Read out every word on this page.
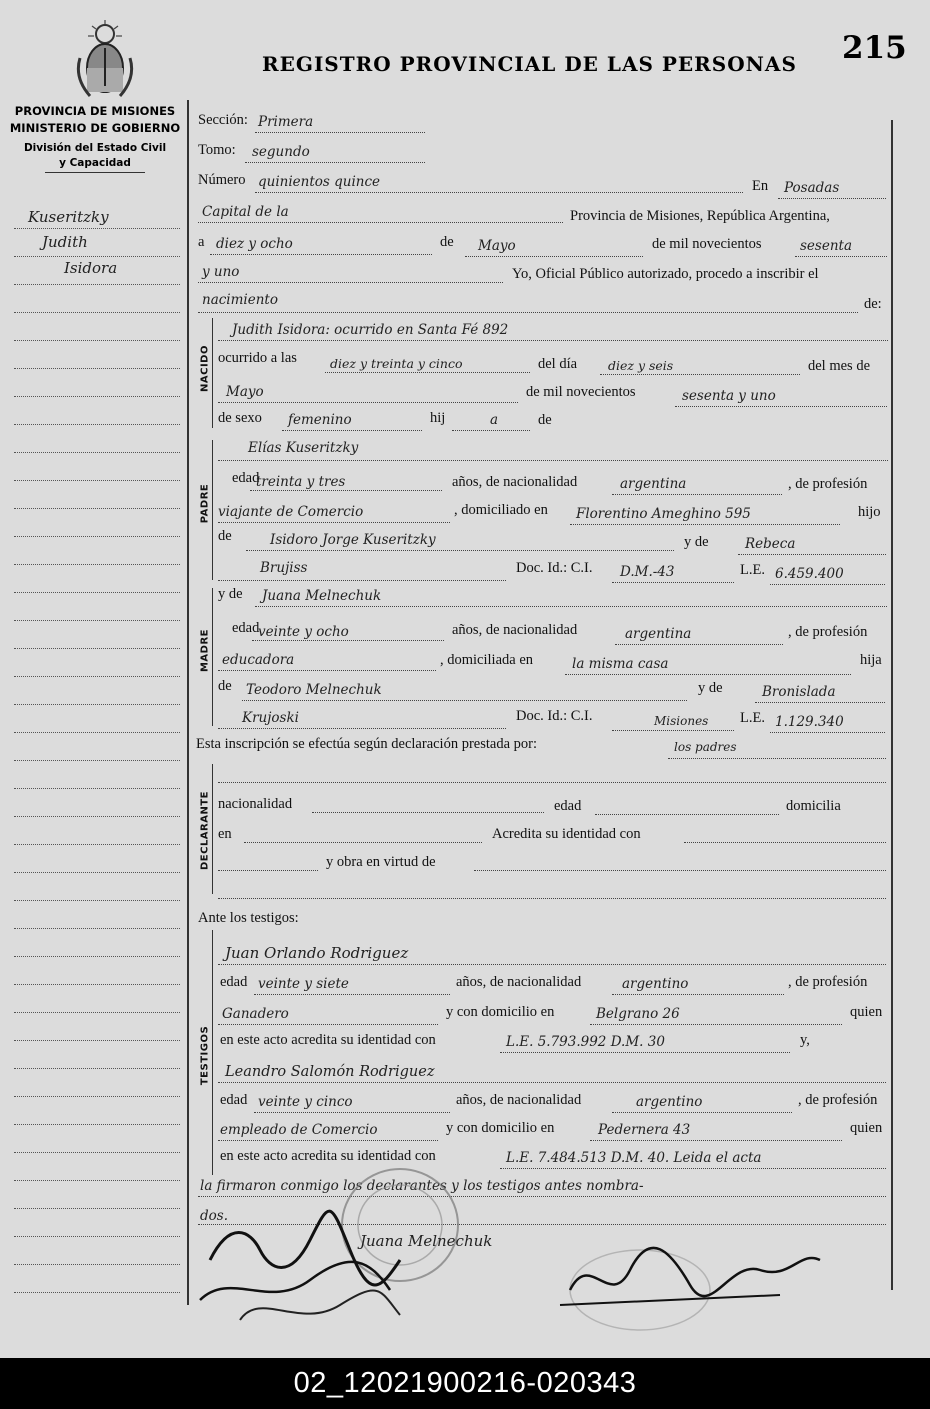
PROVINCIA DE MISIONES
MINISTERIO DE GOBIERNO
División del Estado Civil
y Capacidad
REGISTRO PROVINCIAL DE LAS PERSONAS 215
Kuseritzky
Judith
Isidora
NACIDO
PADRE
MADRE
DECLARANTE
TESTIGOS
Sección: Primera
Tomo: segundo
Número quinientos quince	En Posadas
Capital de la	Provincia de Misiones, República Argentina,
a diez y ocho	de Mayo	de mil novecientos	sesenta
y uno	Yo, Oficial Público autorizado, procedo a inscribir el
nacimiento	de:
Judith Isidora: ocurrido en Santa Fé 892
ocurrido a las	diez y treinta y cinco	del día diez y seis	del mes de
Mayo	de mil novecientos	sesenta y uno
de sexo femenino	hij	a	de
Elías Kuseritzky
edad
treinta y tres	años, de nacionalidad	argentina	, de profesión
viajante de Comercio	, domiciliado en Florentino Ameghino 595	hijo
de	Isidoro Jorge Kuseritzky	y de	Rebeca
Brujiss	Doc. Id.: C.I. D.M.-43	L.E. 6.459.400
y de Juana Melnechuk
edad
veinte y ocho	años, de nacionalidad	argentina	, de profesión
educadora	, domiciliada en	la misma casa	hija
de Teodoro Melnechuk	y de	Bronislada
Krujoski	Doc. Id.: C.I.	Misiones L.E. 1.129.340
Esta inscripción se efectúa según declaración prestada por:	los padres
nacionalidad	edad	domicilia
en	Acredita su identidad con
y obra en virtud de
Ante los testigos:
Juan Orlando Rodriguez
edad veinte y siete	años, de nacionalidad	argentino	, de profesión
Ganadero	y con domicilio en	Belgrano 26	quien
en este acto acredita su identidad con	L.E. 5.793.992 D.M. 30	y,
Leandro Salomón Rodriguez
edad veinte y cinco	años, de nacionalidad	argentino	, de profesión
empleado de Comercio	y con domicilio en	Pedernera 43	quien
en este acto acredita su identidad con	L.E. 7.484.513 D.M. 40. Leida el acta
la firmaron conmigo los declarantes y los testigos antes nombra-
dos.
Juana Melnechuk
02_12021900216-020343
